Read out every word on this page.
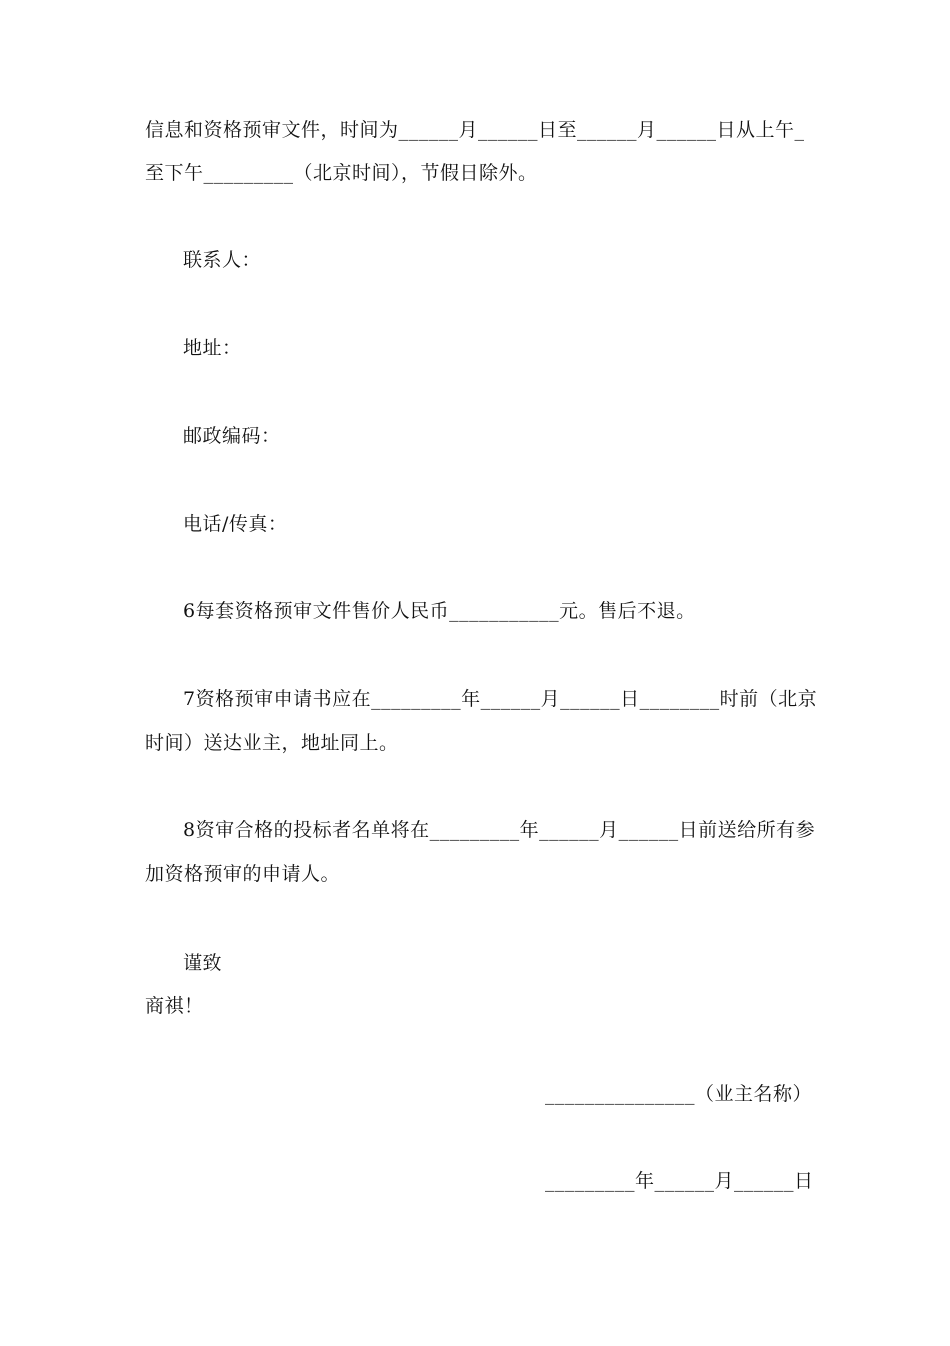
信息和资格预审文件，时间为______月______日至______月______日从上午_
至下午_________（北京时间），节假日除外。
联系人：
地址：
邮政编码：
电话/传真：
6每套资格预审文件售价人民币___________元。售后不退。
7资格预审申请书应在_________年______月______日________时前（北京
时间）送达业主，地址同上。
8资审合格的投标者名单将在_________年______月______日前送给所有参
加资格预审的申请人。
谨致
商祺！
_______________（业主名称）
_________年______月______日
